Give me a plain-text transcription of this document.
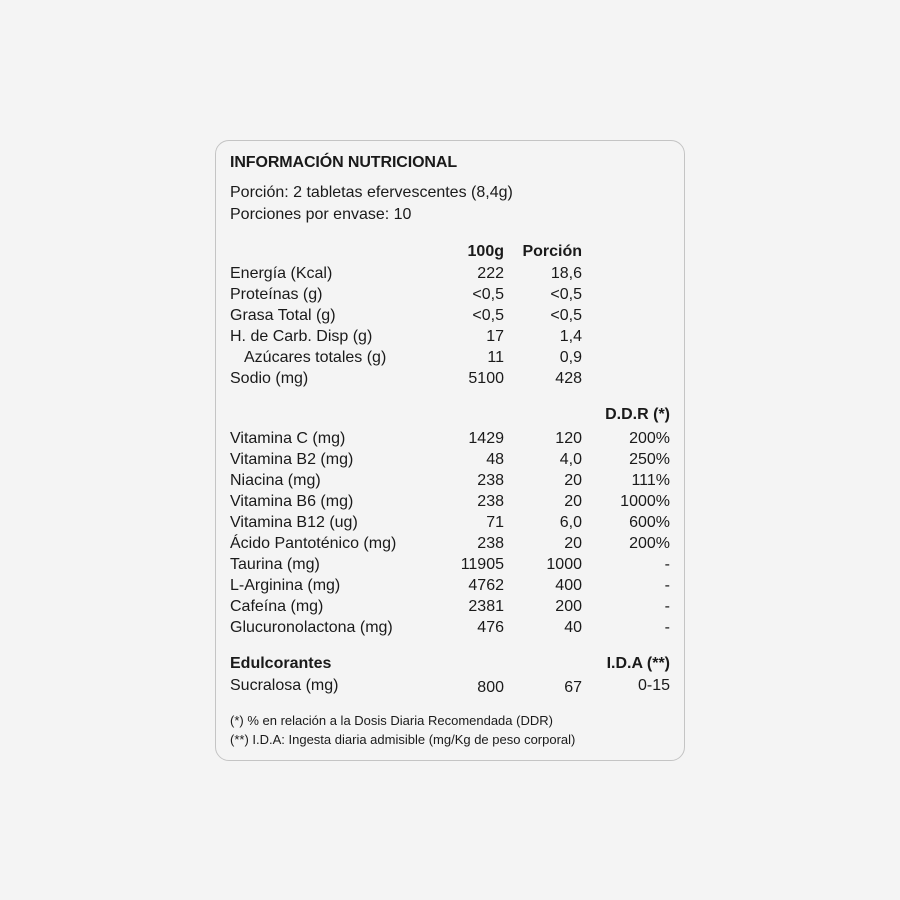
INFORMACIÓN NUTRICIONAL
Porción: 2 tabletas efervescentes (8,4g)
Porciones por envase: 10
100g Porción
Energía (Kcal)	222	18,6
Proteínas (g)	<0,5	<0,5
Grasa Total (g)	<0,5	<0,5
H. de Carb. Disp (g)	17	1,4
Azúcares totales (g)	11	0,9
Sodio (mg)	5100	428
D.D.R (*)
Vitamina C (mg)	1429	120	200%
Vitamina B2 (mg)	48	4,0	250%
Niacina (mg)	238	20	111%
Vitamina B6 (mg)	238	20 1000%
Vitamina B12 (ug)	71	6,0	600%
Ácido Pantoténico (mg)	238	20	200%
Taurina (mg)	11905	1000	-
L-Arginina (mg)	4762	400	-
Cafeína (mg)	2381	200	-
Glucuronolactona (mg)	476	40	-
Edulcorantes	I.D.A (**)
Sucralosa (mg)	800	67	0-15
(*) % en relación a la Dosis Diaria Recomendada (DDR)
(**) I.D.A: Ingesta diaria admisible (mg/Kg de peso corporal)
